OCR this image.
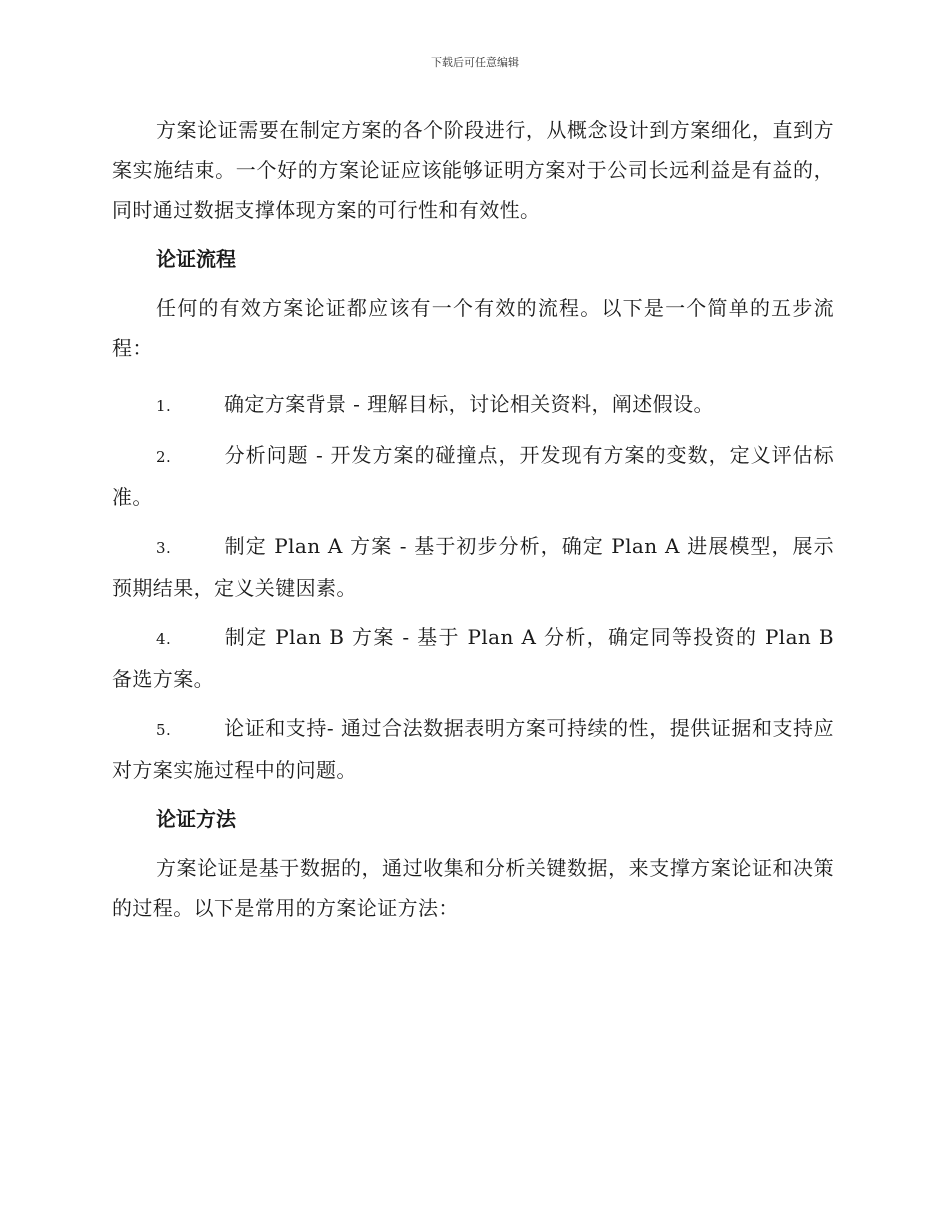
下载后可任意编辑

方案论证需要在制定方案的各个阶段进行，从概念设计到方案细化，直到方案实施结束。一个好的方案论证应该能够证明方案对于公司长远利益是有益的，同时通过数据支撑体现方案的可行性和有效性。

论证流程

任何的有效方案论证都应该有一个有效的流程。以下是一个简单的五步流程：

1.	确定方案背景 - 理解目标，讨论相关资料，阐述假设。

2.	分析问题 - 开发方案的碰撞点，开发现有方案的变数，定义评估标准。

3.	制定 Plan A 方案 - 基于初步分析，确定 Plan A 进展模型，展示预期结果，定义关键因素。

4.	制定 Plan B 方案 - 基于 Plan A 分析，确定同等投资的 Plan B 备选方案。

5.	论证和支持- 通过合法数据表明方案可持续的性，提供证据和支持应对方案实施过程中的问题。

论证方法

方案论证是基于数据的，通过收集和分析关键数据，来支撑方案论证和决策的过程。以下是常用的方案论证方法：
